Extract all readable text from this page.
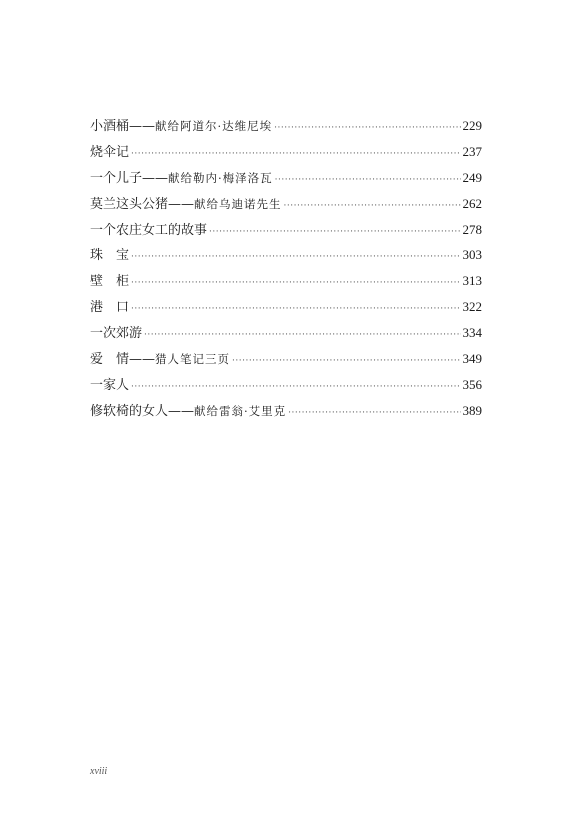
小酒桶——献给阿道尔·达维尼埃 ·····	229
烧伞记 ·····	237
一个儿子——献给勒内·梅泽洛瓦 ·····	249
莫兰这头公猪——献给乌迪诺先生 ·····	262
一个农庄女工的故事 ·····	278
珠　宝 ·····	303
壁　柜 ·····	313
港　口 ·····	322
一次郊游 ·····	334
爱　情——猎人笔记三页 ·····	349
一家人 ·····	356
修软椅的女人——献给雷翁·艾里克 ·····	389
xviii
